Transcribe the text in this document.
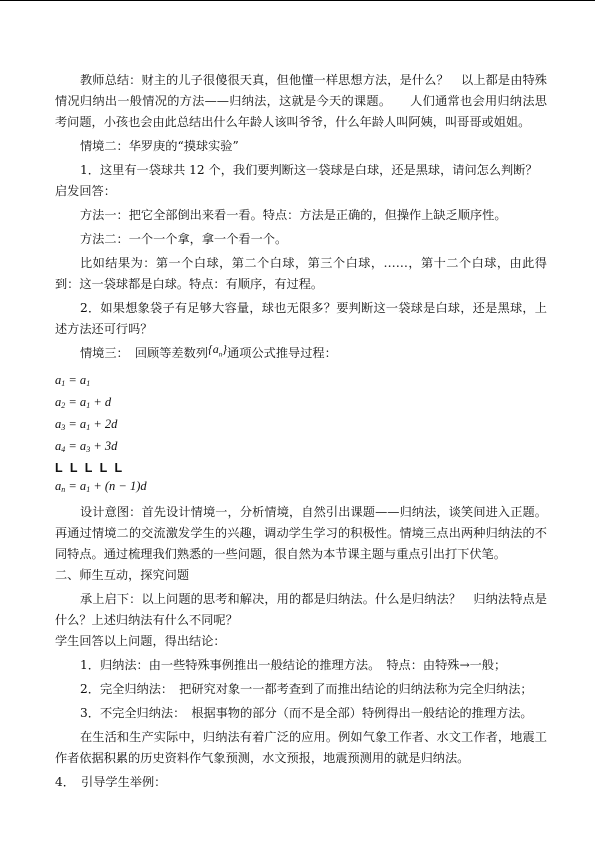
教师总结：财主的儿子很傻很天真，但他懂一样思想方法，是什么？　以上都是由特殊情况归纳出一般情况的方法——归纳法，这就是今天的课题。　　人们通常也会用归纳法思考问题，小孩也会由此总结出什么年龄人该叫爷爷，什么年龄人叫阿姨，叫哥哥或姐姐。

情境二：华罗庚的“摸球实验”

1．这里有一袋球共 12 个，我们要判断这一袋球是白球，还是黑球，请问怎么判断？

启发回答：

方法一：把它全部倒出来看一看。特点：方法是正确的，但操作上缺乏顺序性。

方法二：一个一个拿，拿一个看一个。

比如结果为：第一个白球，第二个白球，第三个白球，……，第十二个白球，由此得到：这一袋球都是白球。特点：有顺序，有过程。

2．如果想象袋子有足够大容量，球也无限多？要判断这一袋球是白球，还是黑球，上述方法还可行吗？

情境三：　回顾等差数列$\{a_n\}$通项公式推导过程：

$a_1 = a_1$

$a_2 = a_1 + d$

$a_3 = a_1 + 2d$

$a_4 = a_3 + 3d$

L L L L L

$a_n = a_1 + (n - 1)d$

设计意图：首先设计情境一，分析情境，自然引出课题——归纳法，谈笑间进入正题。再通过情境二的交流激发学生的兴趣，调动学生学习的积极性。情境三点出两种归纳法的不同特点。通过梳理我们熟悉的一些问题，很自然为本节课主题与重点引出打下伏笔。

二、师生互动，探究问题

承上启下：以上问题的思考和解决，用的都是归纳法。什么是归纳法？　归纳法特点是什么？上述归纳法有什么不同呢？

学生回答以上问题，得出结论：

1．归纳法：由一些特殊事例推出一般结论的推理方法。　特点：由特殊→一般；

2．完全归纳法：　把研究对象一一都考查到了而推出结论的归纳法称为完全归纳法；

3．不完全归纳法：　根据事物的部分（而不是全部）特例得出一般结论的推理方法。

在生活和生产实际中，归纳法有着广泛的应用。例如气象工作者、水文工作者，地震工作者依据积累的历史资料作气象预测，水文预报，地震预测用的就是归纳法。

4．　引导学生举例：
